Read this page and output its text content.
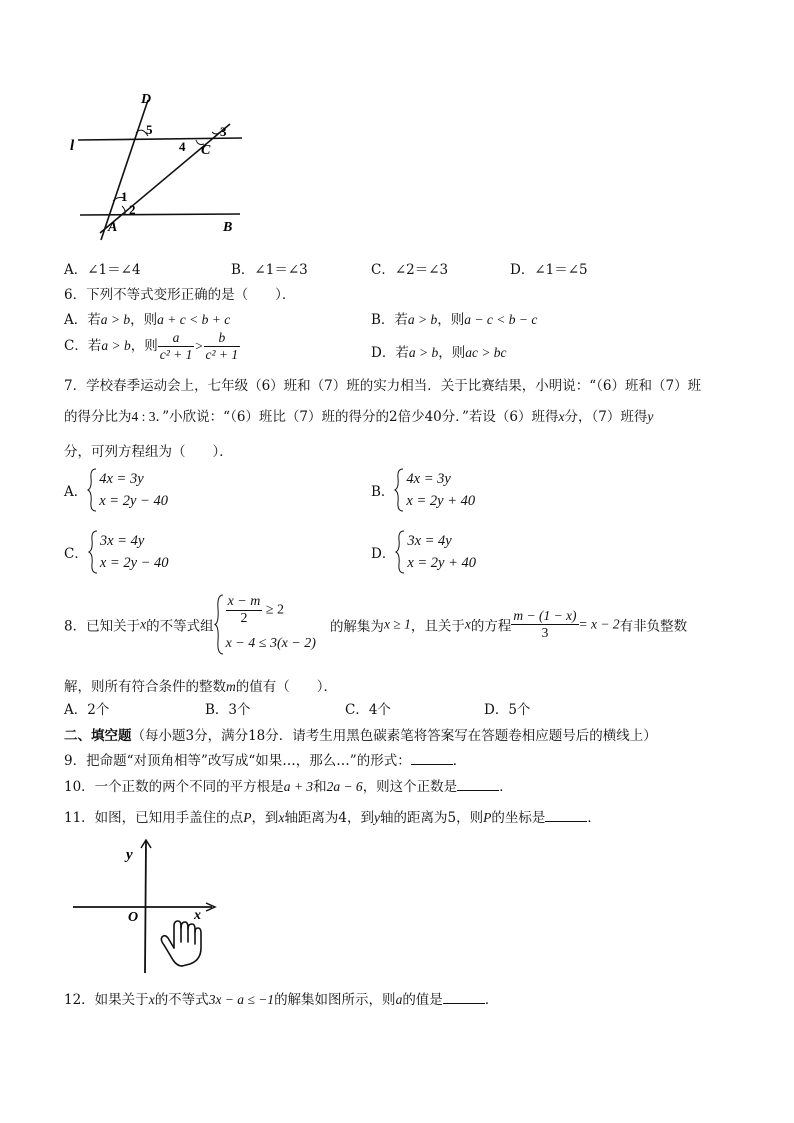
D
l
5	3
4 C
1
2
A	B
A．∠1＝∠4	B．∠1＝∠3	C．∠2＝∠3	D．∠1＝∠5
6．下列不等式变形正确的是（　　）．
A．若a > b，则a + c < b + c	B．若a > b，则a − c < b − c
C．若a > b，则 $\frac{a}{\text{c² + 1}} > \frac{b}{\text{c² + 1}}$	D．若a > b，则ac > bc
7．学校春季运动会上，七年级（6）班和（7）班的实力相当．关于比赛结果，小明说：“（6）班和（7）班
的得分比为4 : 3．”小欣说：“（6）班比（7）班的得分的2倍少40分．”若设（6）班得x分，（7）班得y
分，可列方程组为（　　）．
A．
4x = 3y
x = 2y − 40
B．
4x = 3y
x = 2y + 40
C．
3x = 4y
x = 2y − 40
D．
3x = 4y
x = 2y + 40
8．已知关于x的不等式组 $\frac{x - m}{2} \ge 2$
x − 4 ≤ 3(x − 2)
的解集为x ≥ 1，且关于x的方程 $\frac{m - (1 - x)}{3} = x - 2$有非负整数
解，则所有符合条件的整数m的值有（　　）．
A．2个	B．3个	C．4个	D．5个
二、填空题（每小题3分，满分18分．请考生用黑色碳素笔将答案写在答题卷相应题号后的横线上）
9．把命题“对顶角相等”改写成“如果…，那么…”的形式：	．
10．一个正数的两个不同的平方根是a + 3和2a − 6，则这个正数是	．
11．如图，已知用手盖住的点P，到x轴距离为4，到y轴的距离为5，则P的坐标是	．
y
O	x
12．如果关于x的不等式3x − a ≤ −1的解集如图所示，则a的值是	．
